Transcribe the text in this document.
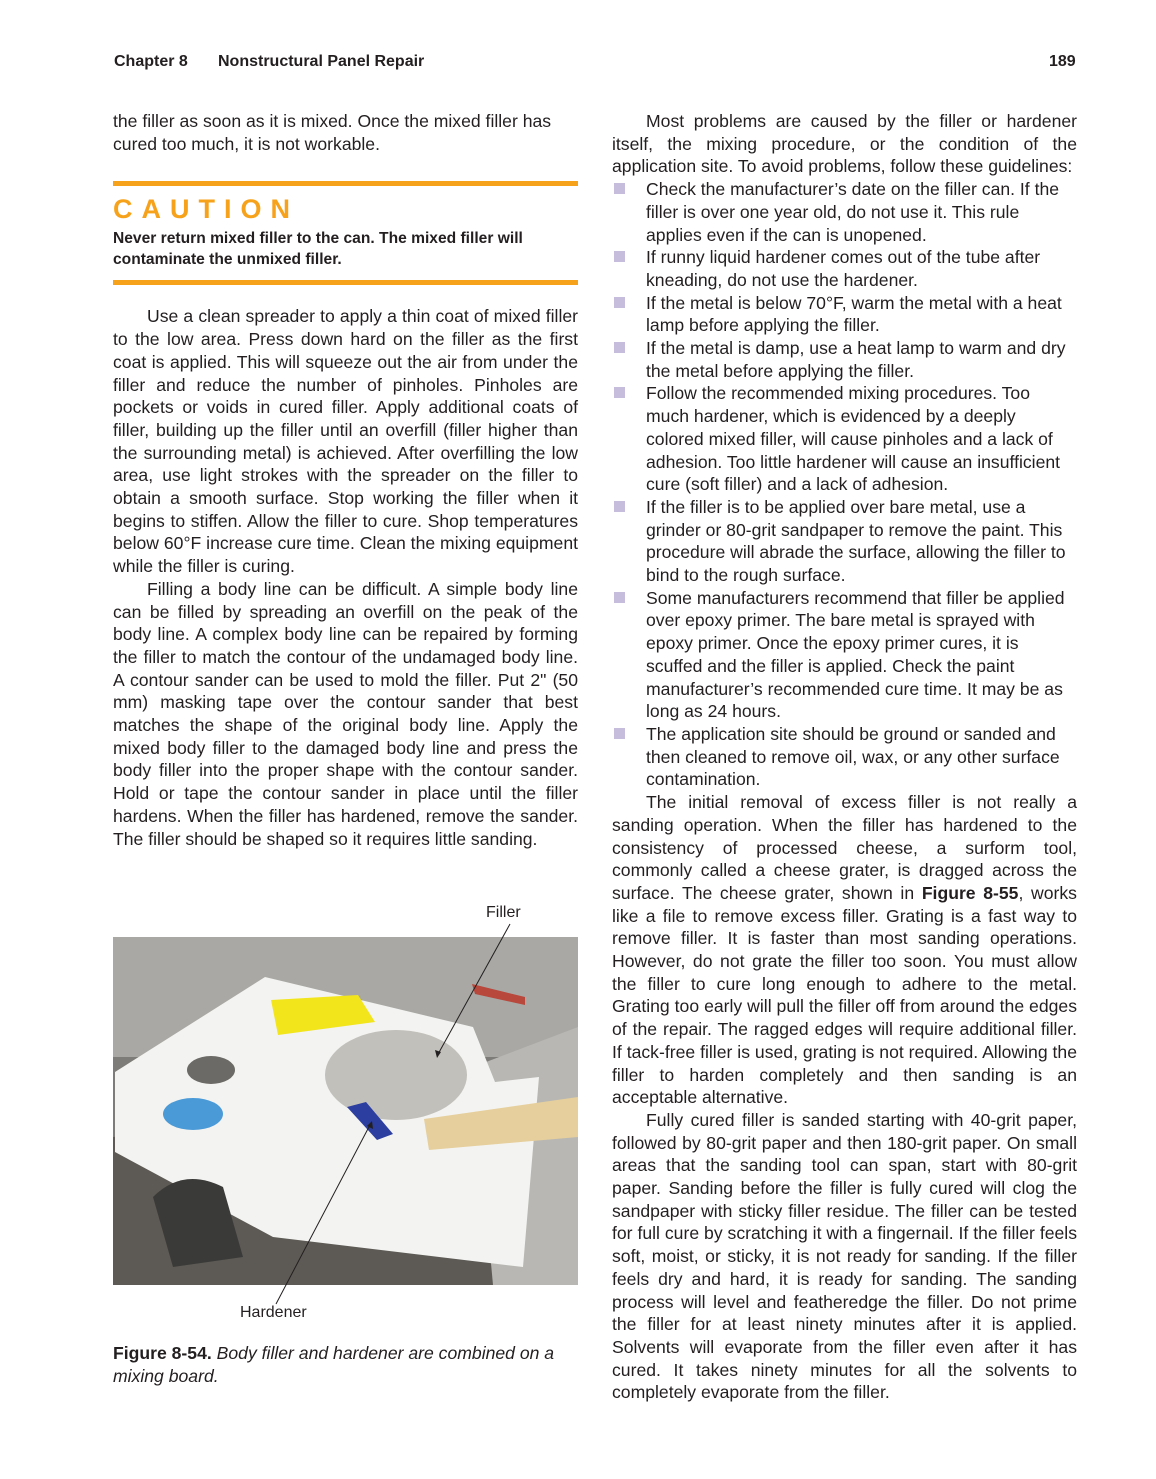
Chapter 8 Nonstructural Panel Repair	189

the filler as soon as it is mixed. Once the mixed filler has cured too much, it is not workable.

CAUTION

Never return mixed filler to the can. The mixed filler will contaminate the unmixed filler.

Use a clean spreader to apply a thin coat of mixed filler to the low area. Press down hard on the filler as the first coat is applied. This will squeeze out the air from under the filler and reduce the number of pinholes. Pinholes are pockets or voids in cured filler. Apply additional coats of filler, building up the filler until an overfill (filler higher than the surrounding metal) is achieved. After overfilling the low area, use light strokes with the spreader on the filler to obtain a smooth surface. Stop working the filler when it begins to stiffen. Allow the filler to cure. Shop temperatures below 60°F increase cure time. Clean the mixing equipment while the filler is curing.

Filling a body line can be difficult. A simple body line can be filled by spreading an overfill on the peak of the body line. A complex body line can be repaired by forming the filler to match the contour of the undamaged body line. A contour sander can be used to mold the filler. Put 2" (50 mm) masking tape over the contour sander that best matches the shape of the original body line. Apply the mixed body filler to the damaged body line and press the body filler into the proper shape with the contour sander. Hold or tape the contour sander in place until the filler hardens. When the filler has hardened, remove the sander. The filler should be shaped so it requires little sanding.

Filler
Hardener
Figure 8-54. Body filler and hardener are combined on a mixing board.

Most problems are caused by the filler or hardener itself, the mixing procedure, or the condition of the application site. To avoid problems, follow these guidelines:

Check the manufacturer’s date on the filler can. If the filler is over one year old, do not use it. This rule applies even if the can is unopened.
If runny liquid hardener comes out of the tube after kneading, do not use the hardener.
If the metal is below 70°F, warm the metal with a heat lamp before applying the filler.
If the metal is damp, use a heat lamp to warm and dry the metal before applying the filler.
Follow the recommended mixing procedures. Too much hardener, which is evidenced by a deeply colored mixed filler, will cause pinholes and a lack of adhesion. Too little hardener will cause an insufficient cure (soft filler) and a lack of adhesion.
If the filler is to be applied over bare metal, use a grinder or 80-grit sandpaper to remove the paint. This procedure will abrade the surface, allowing the filler to bind to the rough surface.
Some manufacturers recommend that filler be applied over epoxy primer. The bare metal is sprayed with epoxy primer. Once the epoxy primer cures, it is scuffed and the filler is applied. Check the paint manufacturer’s recommended cure time. It may be as long as 24 hours.
The application site should be ground or sanded and then cleaned to remove oil, wax, or any other surface contamination.

The initial removal of excess filler is not really a sanding operation. When the filler has hardened to the consistency of processed cheese, a surform tool, commonly called a cheese grater, is dragged across the surface. The cheese grater, shown in Figure 8-55, works like a file to remove excess filler. Grating is a fast way to remove filler. It is faster than most sanding operations. However, do not grate the filler too soon. You must allow the filler to cure long enough to adhere to the metal. Grating too early will pull the filler off from around the edges of the repair. The ragged edges will require additional filler. If tack-free filler is used, grating is not required. Allowing the filler to harden completely and then sanding is an acceptable alternative.

Fully cured filler is sanded starting with 40-grit paper, followed by 80-grit paper and then 180-grit paper. On small areas that the sanding tool can span, start with 80-grit paper. Sanding before the filler is fully cured will clog the sandpaper with sticky filler residue. The filler can be tested for full cure by scratching it with a fingernail. If the filler feels soft, moist, or sticky, it is not ready for sanding. If the filler feels dry and hard, it is ready for sanding. The sanding process will level and featheredge the filler. Do not prime the filler for at least ninety minutes after it is applied. Solvents will evaporate from the filler even after it has cured. It takes ninety minutes for all the solvents to completely evaporate from the filler.
